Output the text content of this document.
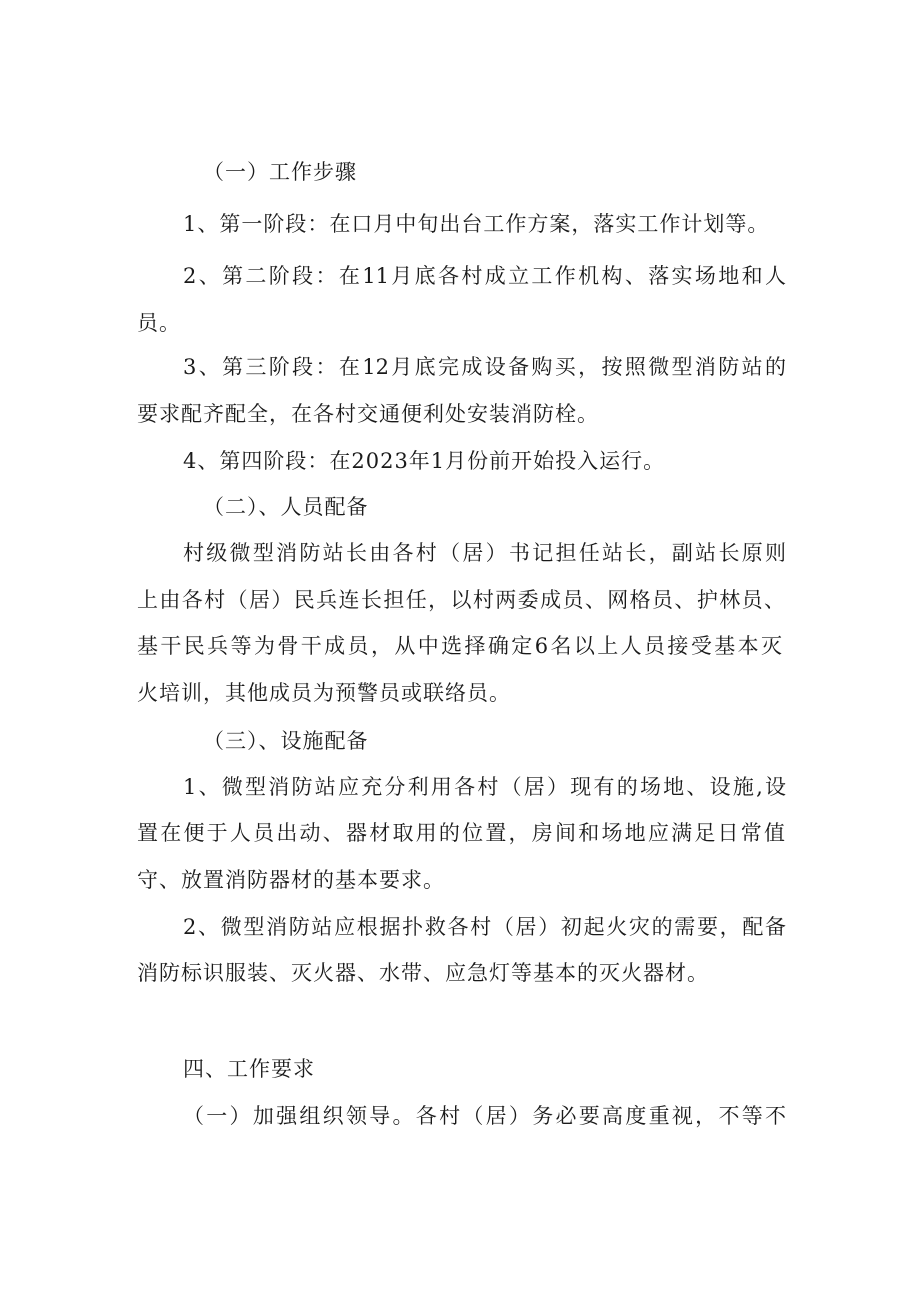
（一）工作步骤
1、第一阶段：在口月中旬出台工作方案，落实工作计划等。
2、第二阶段：在11月底各村成立工作机构、落实场地和人
员。
3、第三阶段：在12月底完成设备购买，按照微型消防站的
要求配齐配全，在各村交通便利处安装消防栓。
4、第四阶段：在2023年1月份前开始投入运行。
（二）、人员配备
村级微型消防站长由各村（居）书记担任站长，副站长原则
上由各村（居）民兵连长担任，以村两委成员、网格员、护林员、
基干民兵等为骨干成员，从中选择确定6名以上人员接受基本灭
火培训，其他成员为预警员或联络员。
（三）、设施配备
1、微型消防站应充分利用各村（居）现有的场地、设施,设
置在便于人员出动、器材取用的位置，房间和场地应满足日常值
守、放置消防器材的基本要求。
2、微型消防站应根据扑救各村（居）初起火灾的需要，配备
消防标识服装、灭火器、水带、应急灯等基本的灭火器材。
四、工作要求
（一）加强组织领导。各村（居）务必要高度重视，不等不
